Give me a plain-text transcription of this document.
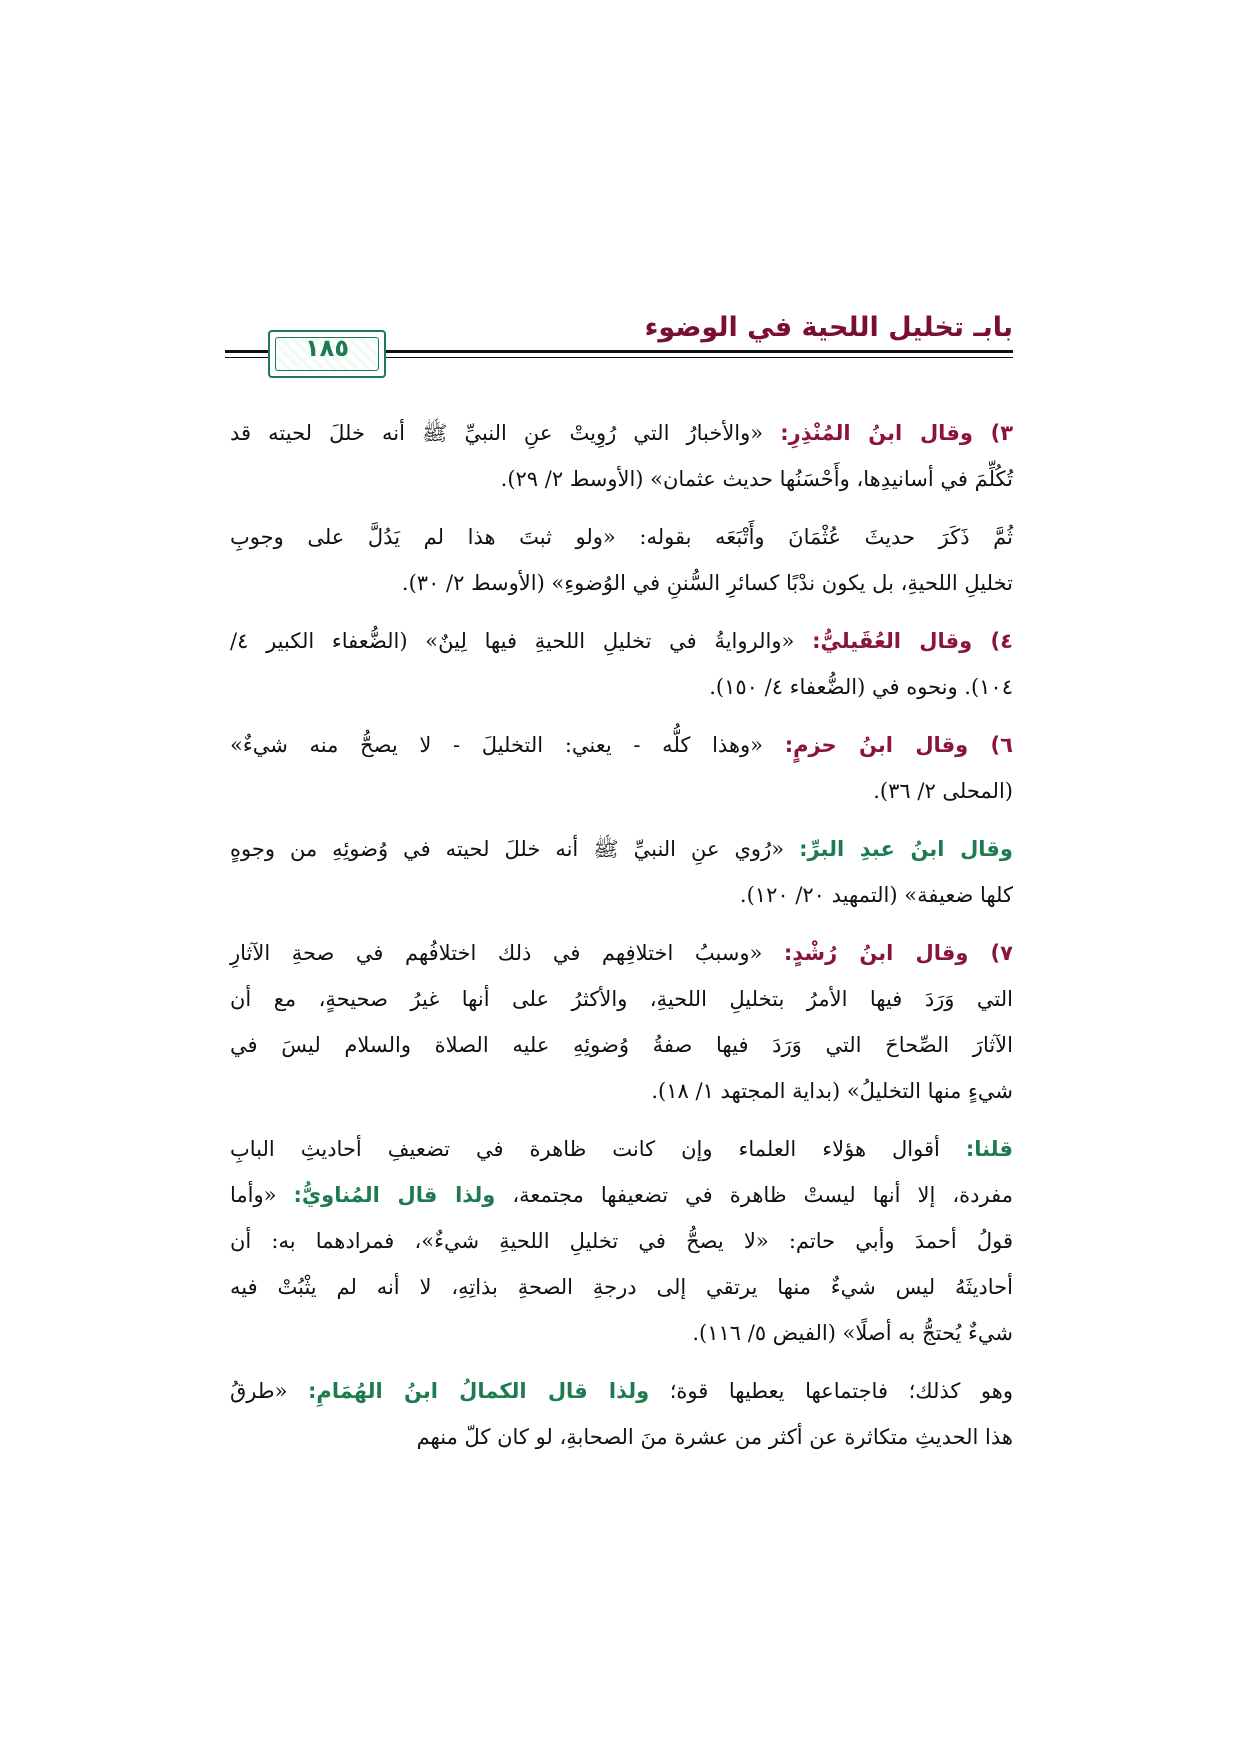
بابـ تخليل اللحية في الوضوء
١٨٥

٣) وقال ابنُ المُنْذِرِ: «والأخبارُ التي رُوِيتْ عنِ النبيِّ ﷺ أنه خللَ لحيته قد
تُكُلِّمَ في أسانيدِها، وأَحْسَنُها حديث عثمان» (الأوسط ٢/ ٢٩).

ثُمَّ ذَكَرَ حديثَ عُثْمَانَ وأَتْبَعَه بقوله: «ولو ثبتَ هذا لم يَدُلَّ على وجوبِ
تخليلِ اللحيةِ، بل يكون ندْبًا كسائرِ السُّننِ في الوُضوءِ» (الأوسط ٢/ ٣٠).

٤) وقال العُقَيليُّ: «والروايةُ في تخليلِ اللحيةِ فيها لِينٌ» (الضُّعفاء الكبير ٤/
١٠٤). ونحوه في (الضُّعفاء ٤/ ١٥٠).

٦) وقال ابنُ حزمٍ: «وهذا كلُّه - يعني: التخليلَ - لا يصحُّ منه شيءٌ»
(المحلى ٢/ ٣٦).

وقال ابنُ عبدِ البرِّ: «رُوي عنِ النبيِّ ﷺ أنه خللَ لحيته في وُضوئِهِ من وجوهٍ
كلها ضعيفة» (التمهيد ٢٠/ ١٢٠).

٧) وقال ابنُ رُشْدٍ: «وسببُ اختلافِهم في ذلك اختلافُهم في صحةِ الآثارِ
التي وَرَدَ فيها الأمرُ بتخليلِ اللحيةِ، والأكثرُ على أنها غيرُ صحيحةٍ، مع أن
الآثارَ الصِّحاحَ التي وَرَدَ فيها صفةُ وُضوئِهِ عليه الصلاة والسلام ليسَ في
شيءٍ منها التخليلُ» (بداية المجتهد ١/ ١٨).

قلنا: أقوال هؤلاء العلماء وإن كانت ظاهرة في تضعيفِ أحاديثِ البابِ
مفردة، إلا أنها ليستْ ظاهرة في تضعيفها مجتمعة، ولذا قال المُناويُّ: «وأما
قولُ أحمدَ وأبي حاتم: «لا يصحُّ في تخليلِ اللحيةِ شيءٌ»، فمرادهما به: أن
أحاديثَهُ ليس شيءٌ منها يرتقي إلى درجةِ الصحةِ بذاتِهِ، لا أنه لم يثْبُتْ فيه
شيءٌ يُحتجُّ به أصلًا» (الفيض ٥/ ١١٦).

وهو كذلك؛ فاجتماعها يعطيها قوة؛ ولذا قال الكمالُ ابنُ الهُمَامِ: «طرقُ
هذا الحديثِ متكاثرة عن أكثر من عشرة منَ الصحابةِ، لو كان كلّ منهم
